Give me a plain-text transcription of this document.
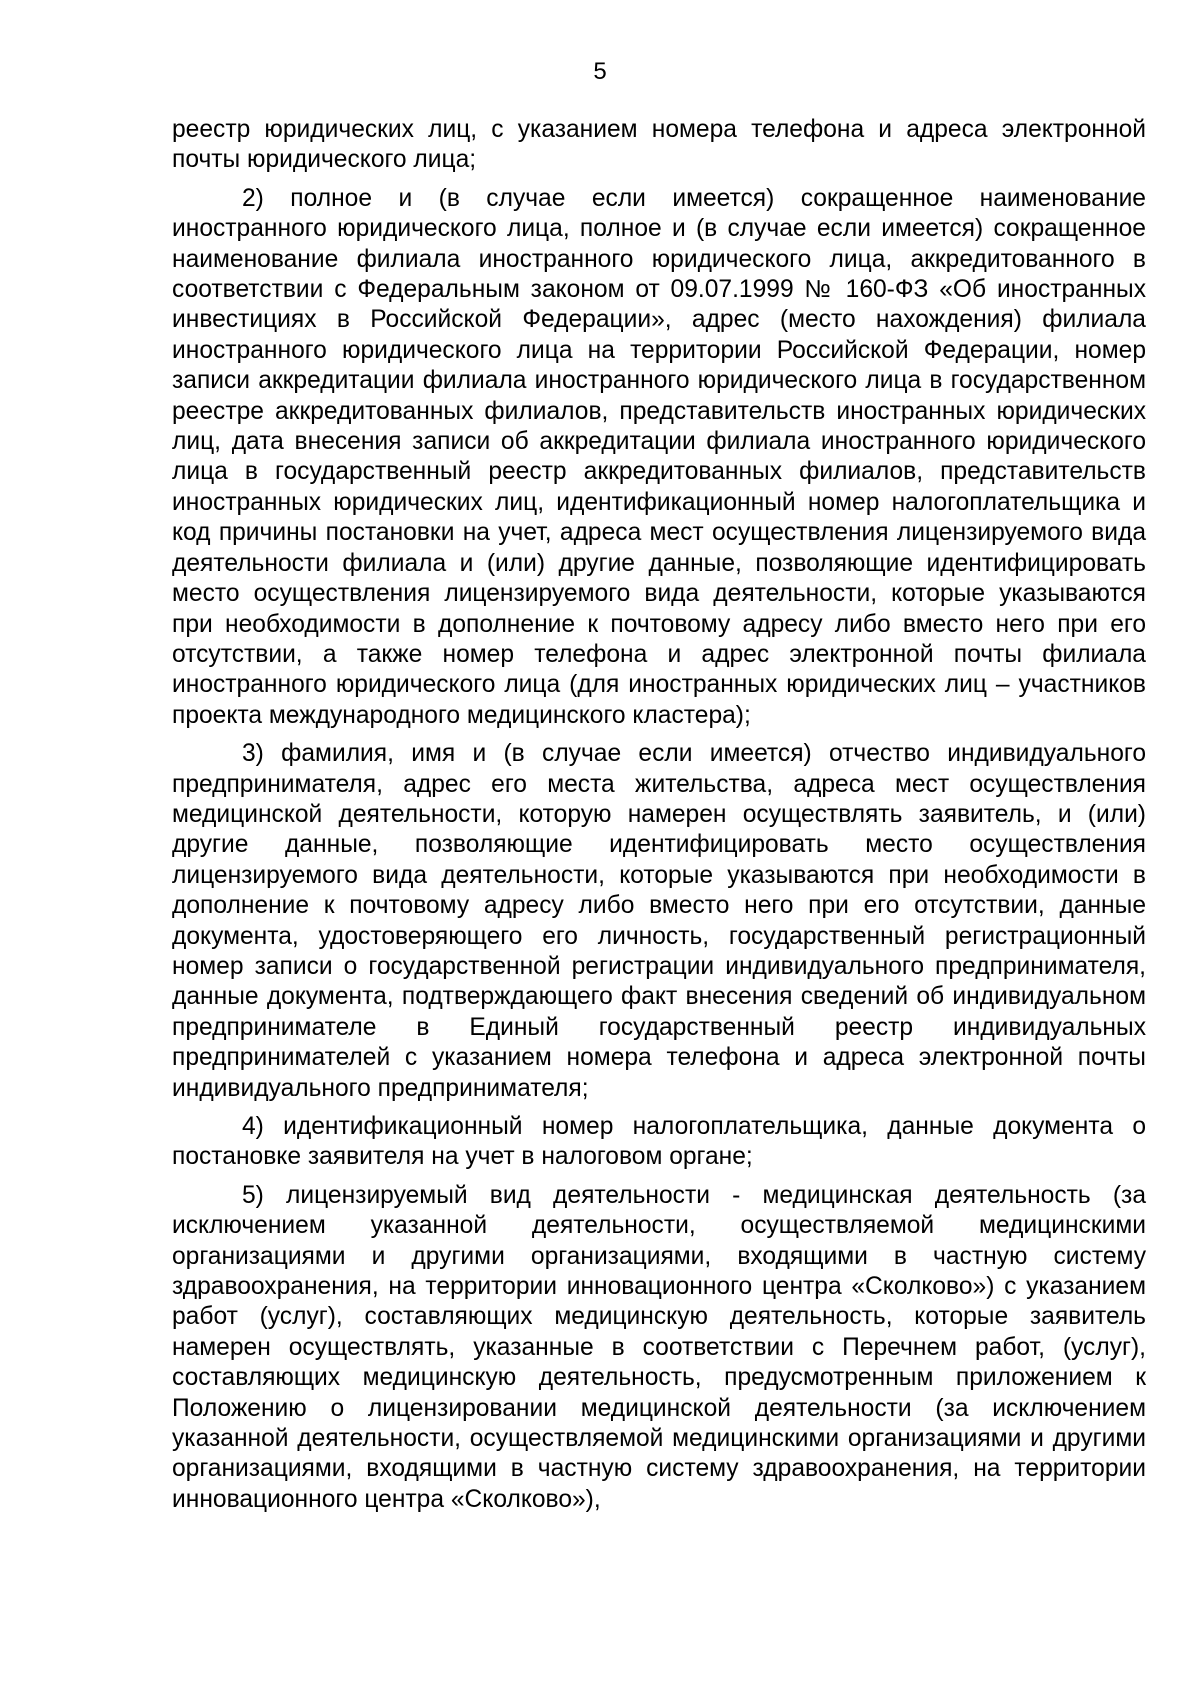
5

реестр юридических лиц, с указанием номера телефона и адреса электронной почты юридического лица;

2) полное и (в случае если имеется) сокращенное наименование иностранного юридического лица, полное и (в случае если имеется) сокращенное наименование филиала иностранного юридического лица, аккредитованного в соответствии с Федеральным законом от 09.07.1999 № 160-ФЗ «Об иностранных инвестициях в Российской Федерации», адрес (место нахождения) филиала иностранного юридического лица на территории Российской Федерации, номер записи аккредитации филиала иностранного юридического лица в государственном реестре аккредитованных филиалов, представительств иностранных юридических лиц, дата внесения записи об аккредитации филиала иностранного юридического лица в государственный реестр аккредитованных филиалов, представительств иностранных юридических лиц, идентификационный номер налогоплательщика и код причины постановки на учет, адреса мест осуществления лицензируемого вида деятельности филиала и (или) другие данные, позволяющие идентифицировать место осуществления лицензируемого вида деятельности, которые указываются при необходимости в дополнение к почтовому адресу либо вместо него при его отсутствии, а также номер телефона и адрес электронной почты филиала иностранного юридического лица (для иностранных юридических лиц – участников проекта международного медицинского кластера);

3) фамилия, имя и (в случае если имеется) отчество индивидуального предпринимателя, адрес его места жительства, адреса мест осуществления медицинской деятельности, которую намерен осуществлять заявитель, и (или) другие данные, позволяющие идентифицировать место осуществления лицензируемого вида деятельности, которые указываются при необходимости в дополнение к почтовому адресу либо вместо него при его отсутствии, данные документа, удостоверяющего его личность, государственный регистрационный номер записи о государственной регистрации индивидуального предпринимателя, данные документа, подтверждающего факт внесения сведений об индивидуальном предпринимателе в Единый государственный реестр индивидуальных предпринимателей с указанием номера телефона и адреса электронной почты индивидуального предпринимателя;

4) идентификационный номер налогоплательщика, данные документа о постановке заявителя на учет в налоговом органе;

5) лицензируемый вид деятельности - медицинская деятельность (за исключением указанной деятельности, осуществляемой медицинскими организациями и другими организациями, входящими в частную систему здравоохранения, на территории инновационного центра «Сколково») с указанием работ (услуг), составляющих медицинскую деятельность, которые заявитель намерен осуществлять, указанные в соответствии с Перечнем работ, (услуг), составляющих медицинскую деятельность, предусмотренным приложением к Положению о лицензировании медицинской деятельности (за исключением указанной деятельности, осуществляемой медицинскими организациями и другими организациями, входящими в частную систему здравоохранения, на территории инновационного центра «Сколково»),
